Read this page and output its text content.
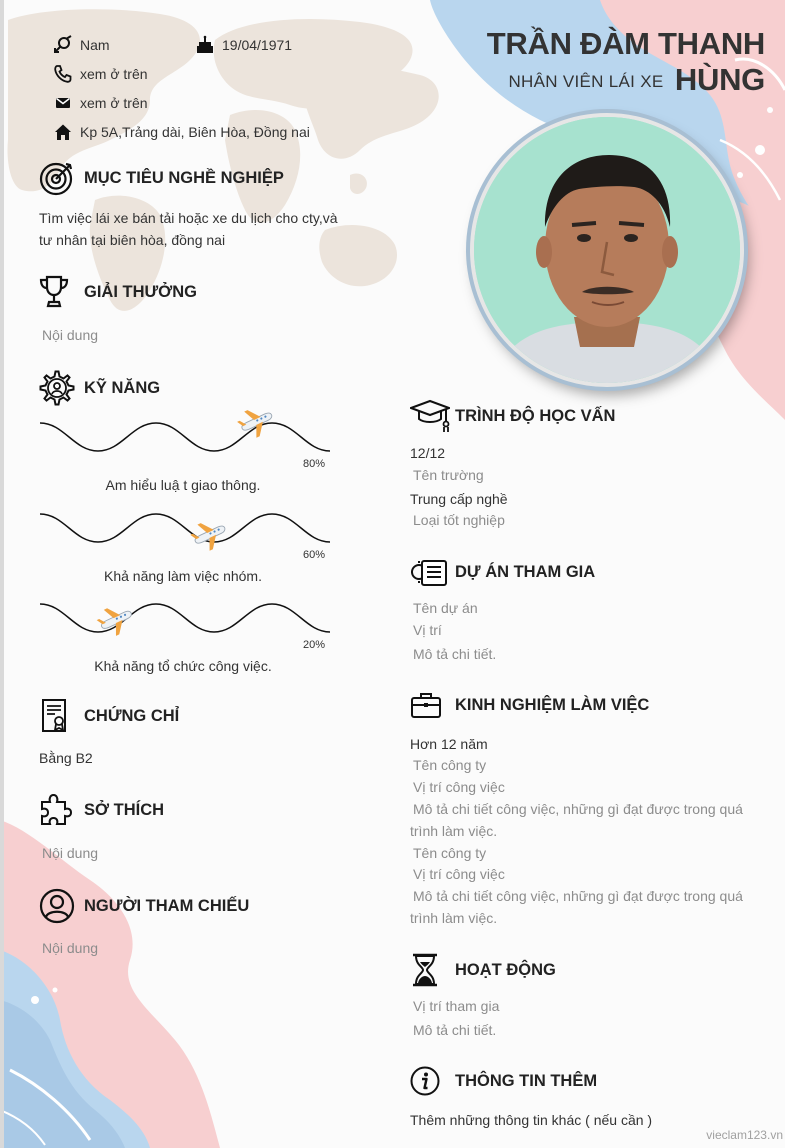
Nam	19/04/1971
xem ở trên
xem ở trên
Kp 5A,Trảng dài, Biên Hòa, Đồng nai
TRẦN ĐÀM THANH HÙNG
NHÂN VIÊN LÁI XE
MỤC TIÊU NGHỀ NGHIỆP
Tìm việc lái xe bán tải hoặc xe du lịch cho cty,và
tư nhân tại biên hòa, đồng nai
GIẢI THƯỞNG
Nội dung
KỸ NĂNG
80%
Am hiểu luậ t giao thông.
60%
Khả năng làm việc nhóm.
20%
Khả năng tổ chức công việc.
CHỨNG CHỈ
Bằng B2
SỞ THÍCH
Nội dung
NGƯỜI THAM CHIẾU
Nội dung
TRÌNH ĐỘ HỌC VẤN
12/12
Tên trường
Trung cấp nghề
Loại tốt nghiệp
DỰ ÁN THAM GIA
Tên dự án
Vị trí
Mô tả chi tiết.
KINH NGHIỆM LÀM VIỆC
Hơn 12 năm
Tên công ty
Vị trí công việc
Mô tả chi tiết công việc, những gì đạt được trong quá
trình làm việc.
Tên công ty
Vị trí công việc
Mô tả chi tiết công việc, những gì đạt được trong quá
trình làm việc.
HOẠT ĐỘNG
Vị trí tham gia
Mô tả chi tiết.
THÔNG TIN THÊM
Thêm những thông tin khác ( nếu cần )
vieclam123.vn
